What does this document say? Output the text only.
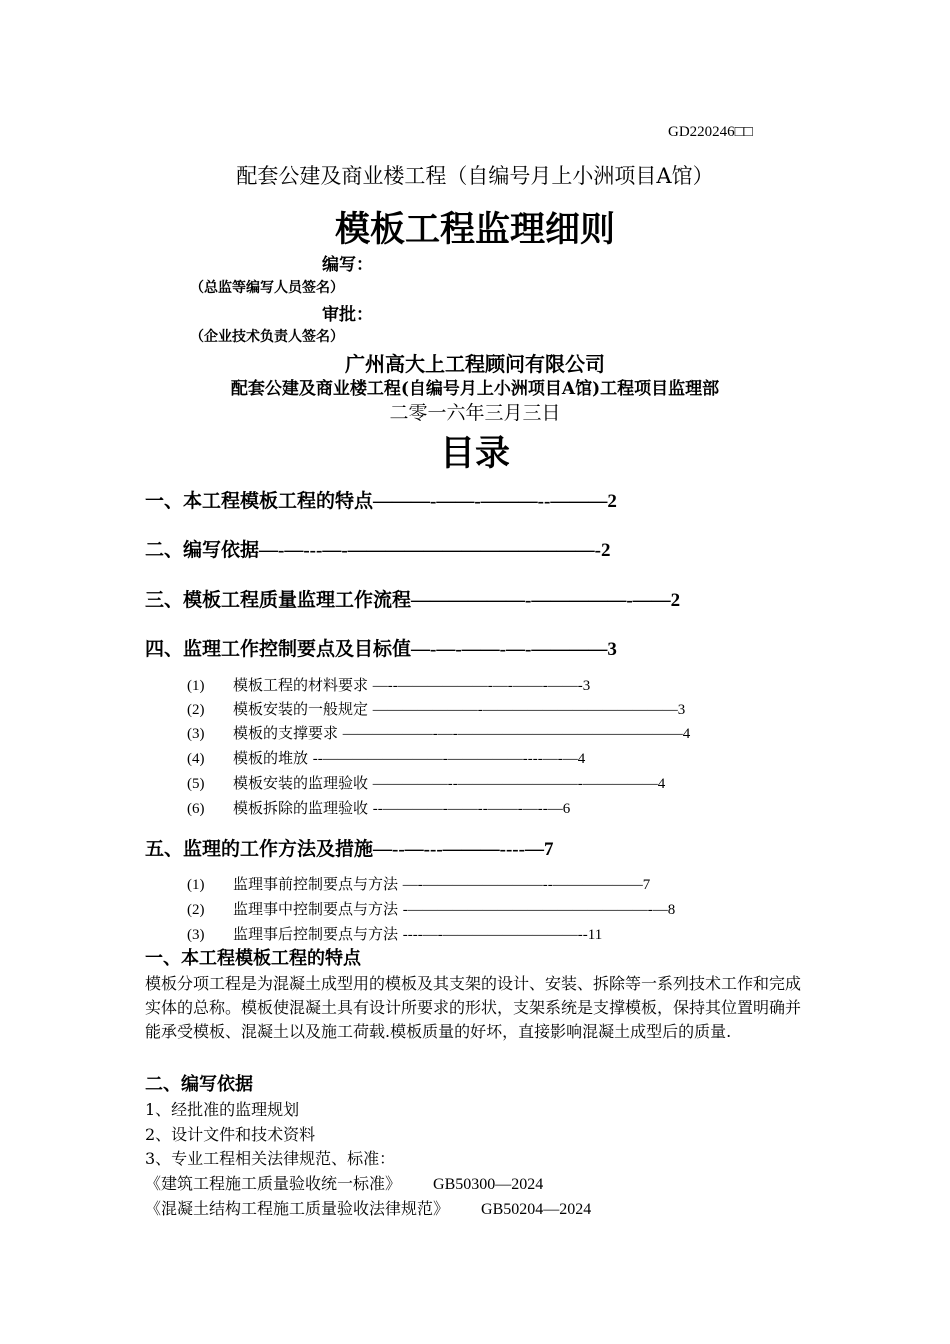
GD220246□□
配套公建及商业楼工程（自编号月上小洲项目A馆）
模板工程监理细则
编写：
（总监等编写人员签名）
审批：
（企业技术负责人签名）
广州高大上工程顾问有限公司
配套公建及商业楼工程(自编号月上小洲项目A馆)工程项目监理部
二零一六年三月三日
目录
一、本工程模板工程的特点———-——-———--———2
二、编写依据—-—---—-—————————————-2
三、模板工程质量监理工作流程——————-—————-——2
四、监理工作控制要点及目标值—-—-——-—-————3
(1) 模板工程的材料要求 —--——————-—-——-——-3
(2) 模板安装的一般规定 ———————-—————————————3
(3) 模板的支撑要求 ——————-—-———————————————4
(4) 模板的堆放 --————————-—————----—-—4
(5) 模板安装的监理验收 —————--————————-—————4
(6) 模板拆除的监理验收 --————-——--——-—--—6
五、监理的工作方法及措施—--—---———----—7
(1) 监理事前控制要点与方法 —-————————--——————7
(2) 监理事中控制要点与方法 -————————————————-—8
(3) 监理事后控制要点与方法 ----—-—————————--11
一、本工程模板工程的特点
模板分项工程是为混凝土成型用的模板及其支架的设计、安装、拆除等一系列技术工作和完成实体的总称。模板使混凝土具有设计所要求的形状，支架系统是支撑模板，保持其位置明确并能承受模板、混凝土以及施工荷载.模板质量的好坏，直接影响混凝土成型后的质量.
二、编写依据
1、经批准的监理规划
2、设计文件和技术资料
3、专业工程相关法律规范、标准：
《建筑工程施工质量验收统一标准》 GB50300—2024
《混凝土结构工程施工质量验收法律规范》 GB50204—2024
